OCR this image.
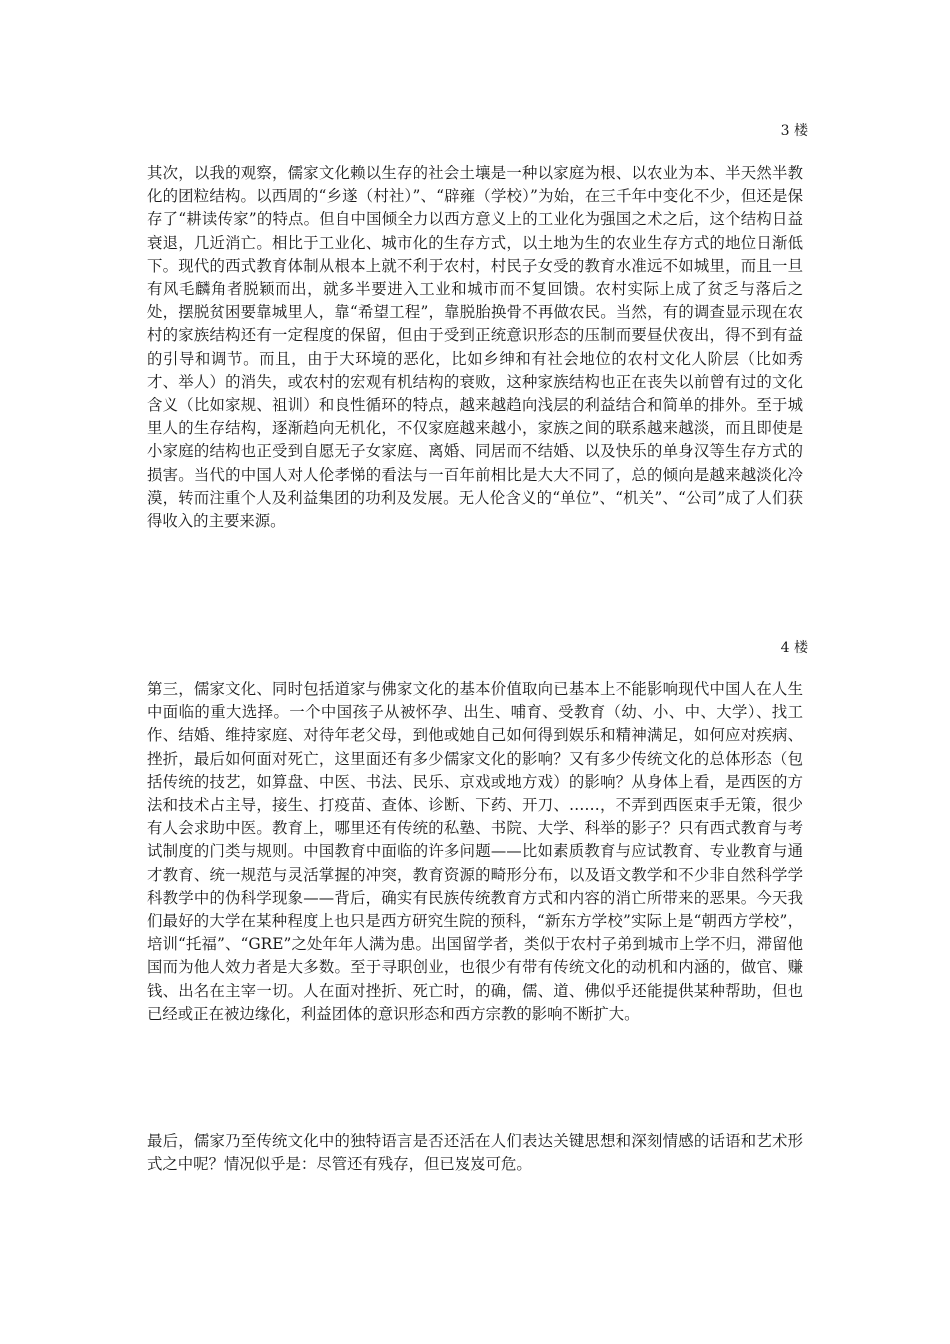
3 楼

其次，以我的观察，儒家文化赖以生存的社会土壤是一种以家庭为根、以农业为本、半天然半教化的团粒结构。以西周的“乡遂（村社）”、“辟雍（学校）”为始，在三千年中变化不少，但还是保存了“耕读传家”的特点。但自中国倾全力以西方意义上的工业化为强国之术之后，这个结构日益衰退，几近消亡。相比于工业化、城市化的生存方式，以土地为生的农业生存方式的地位日渐低下。现代的西式教育体制从根本上就不利于农村，村民子女受的教育水准远不如城里，而且一旦有风毛麟角者脱颖而出，就多半要进入工业和城市而不复回馈。农村实际上成了贫乏与落后之处，摆脱贫困要靠城里人，靠“希望工程”，靠脱胎换骨不再做农民。当然，有的调查显示现在农村的家族结构还有一定程度的保留，但由于受到正统意识形态的压制而要昼伏夜出，得不到有益的引导和调节。而且，由于大环境的恶化，比如乡绅和有社会地位的农村文化人阶层（比如秀才、举人）的消失，或农村的宏观有机结构的衰败，这种家族结构也正在丧失以前曾有过的文化含义（比如家规、祖训）和良性循环的特点，越来越趋向浅层的利益结合和简单的排外。至于城里人的生存结构，逐渐趋向无机化，不仅家庭越来越小，家族之间的联系越来越淡，而且即使是小家庭的结构也正受到自愿无子女家庭、离婚、同居而不结婚、以及快乐的单身汉等生存方式的损害。当代的中国人对人伦孝悌的看法与一百年前相比是大大不同了，总的倾向是越来越淡化冷漠，转而注重个人及利益集团的功利及发展。无人伦含义的“单位”、“机关”、“公司”成了人们获得收入的主要来源。

4 楼

第三，儒家文化、同时包括道家与佛家文化的基本价值取向已基本上不能影响现代中国人在人生中面临的重大选择。一个中国孩子从被怀孕、出生、哺育、受教育（幼、小、中、大学）、找工作、结婚、维持家庭、对待年老父母，到他或她自己如何得到娱乐和精神满足，如何应对疾病、挫折，最后如何面对死亡，这里面还有多少儒家文化的影响？又有多少传统文化的总体形态（包括传统的技艺，如算盘、中医、书法、民乐、京戏或地方戏）的影响？从身体上看，是西医的方法和技术占主导，接生、打疫苗、查体、诊断、下药、开刀、……，不弄到西医束手无策，很少有人会求助中医。教育上，哪里还有传统的私塾、书院、大学、科举的影子？只有西式教育与考试制度的门类与规则。中国教育中面临的许多问题——比如素质教育与应试教育、专业教育与通才教育、统一规范与灵活掌握的冲突，教育资源的畸形分布，以及语文教学和不少非自然科学学科教学中的伪科学现象——背后，确实有民族传统教育方式和内容的消亡所带来的恶果。今天我们最好的大学在某种程度上也只是西方研究生院的预科，“新东方学校”实际上是“朝西方学校”，培训“托福”、“GRE”之处年年人满为患。出国留学者，类似于农村子弟到城市上学不归，滞留他国而为他人效力者是大多数。至于寻职创业，也很少有带有传统文化的动机和内涵的，做官、赚钱、出名在主宰一切。人在面对挫折、死亡时，的确，儒、道、佛似乎还能提供某种帮助，但也已经或正在被边缘化，利益团体的意识形态和西方宗教的影响不断扩大。

最后，儒家乃至传统文化中的独特语言是否还活在人们表达关键思想和深刻情感的话语和艺术形式之中呢？情况似乎是：尽管还有残存，但已岌岌可危。
